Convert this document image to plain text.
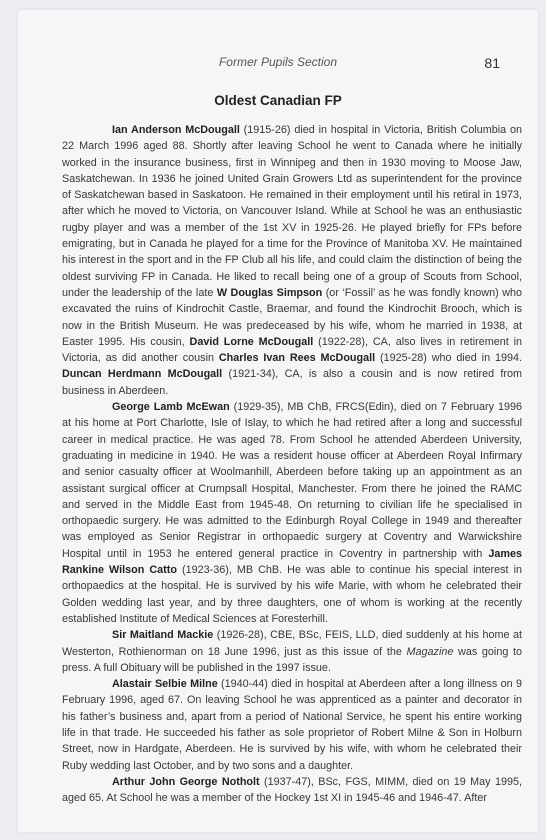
Former Pupils Section	81
Oldest Canadian FP

Ian Anderson McDougall (1915-26) died in hospital in Victoria, British Columbia on 22 March 1996 aged 88. Shortly after leaving School he went to Canada where he initially worked in the insurance business, first in Winnipeg and then in 1930 moving to Moose Jaw, Saskatchewan. In 1936 he joined United Grain Growers Ltd as superintendent for the province of Saskatchewan based in Saskatoon. He remained in their employment until his retiral in 1973, after which he moved to Victoria, on Vancouver Island. While at School he was an enthusiastic rugby player and was a member of the 1st XV in 1925-26. He played briefly for FPs before emigrating, but in Canada he played for a time for the Province of Manitoba XV. He maintained his interest in the sport and in the FP Club all his life, and could claim the distinction of being the oldest surviving FP in Canada. He liked to recall being one of a group of Scouts from School, under the leadership of the late W Douglas Simpson (or ‘Fossil’ as he was fondly known) who excavated the ruins of Kindrochit Castle, Braemar, and found the Kindrochit Brooch, which is now in the British Museum. He was predeceased by his wife, whom he married in 1938, at Easter 1995. His cousin, David Lorne McDougall (1922-28), CA, also lives in retirement in Victoria, as did another cousin Charles Ivan Rees McDougall (1925-28) who died in 1994. Duncan Herdmann McDougall (1921-34), CA, is also a cousin and is now retired from business in Aberdeen.

George Lamb McEwan (1929-35), MB ChB, FRCS(Edin), died on 7 February 1996 at his home at Port Charlotte, Isle of Islay, to which he had retired after a long and successful career in medical practice. He was aged 78. From School he attended Aberdeen University, graduating in medicine in 1940. He was a resident house officer at Aberdeen Royal Infirmary and senior casualty officer at Woolmanhill, Aberdeen before taking up an appointment as an assistant surgical officer at Crumpsall Hospital, Manchester. From there he joined the RAMC and served in the Middle East from 1945-48. On returning to civilian life he specialised in orthopaedic surgery. He was admitted to the Edinburgh Royal College in 1949 and thereafter was employed as Senior Registrar in orthopaedic surgery at Coventry and Warwickshire Hospital until in 1953 he entered general practice in Coventry in partnership with James Rankine Wilson Catto (1923-36), MB ChB. He was able to continue his special interest in orthopaedics at the hospital. He is survived by his wife Marie, with whom he celebrated their Golden wedding last year, and by three daughters, one of whom is working at the recently established Institute of Medical Sciences at Foresterhill.

Sir Maitland Mackie (1926-28), CBE, BSc, FEIS, LLD, died suddenly at his home at Westerton, Rothienorman on 18 June 1996, just as this issue of the Magazine was going to press. A full Obituary will be published in the 1997 issue.

Alastair Selbie Milne (1940-44) died in hospital at Aberdeen after a long illness on 9 February 1996, aged 67. On leaving School he was apprenticed as a painter and decorator in his father’s business and, apart from a period of National Service, he spent his entire working life in that trade. He succeeded his father as sole proprietor of Robert Milne & Son in Holburn Street, now in Hardgate, Aberdeen. He is survived by his wife, with whom he celebrated their Ruby wedding last October, and by two sons and a daughter.

Arthur John George Notholt (1937-47), BSc, FGS, MIMM, died on 19 May 1995, aged 65. At School he was a member of the Hockey 1st XI in 1945-46 and 1946-47. After
